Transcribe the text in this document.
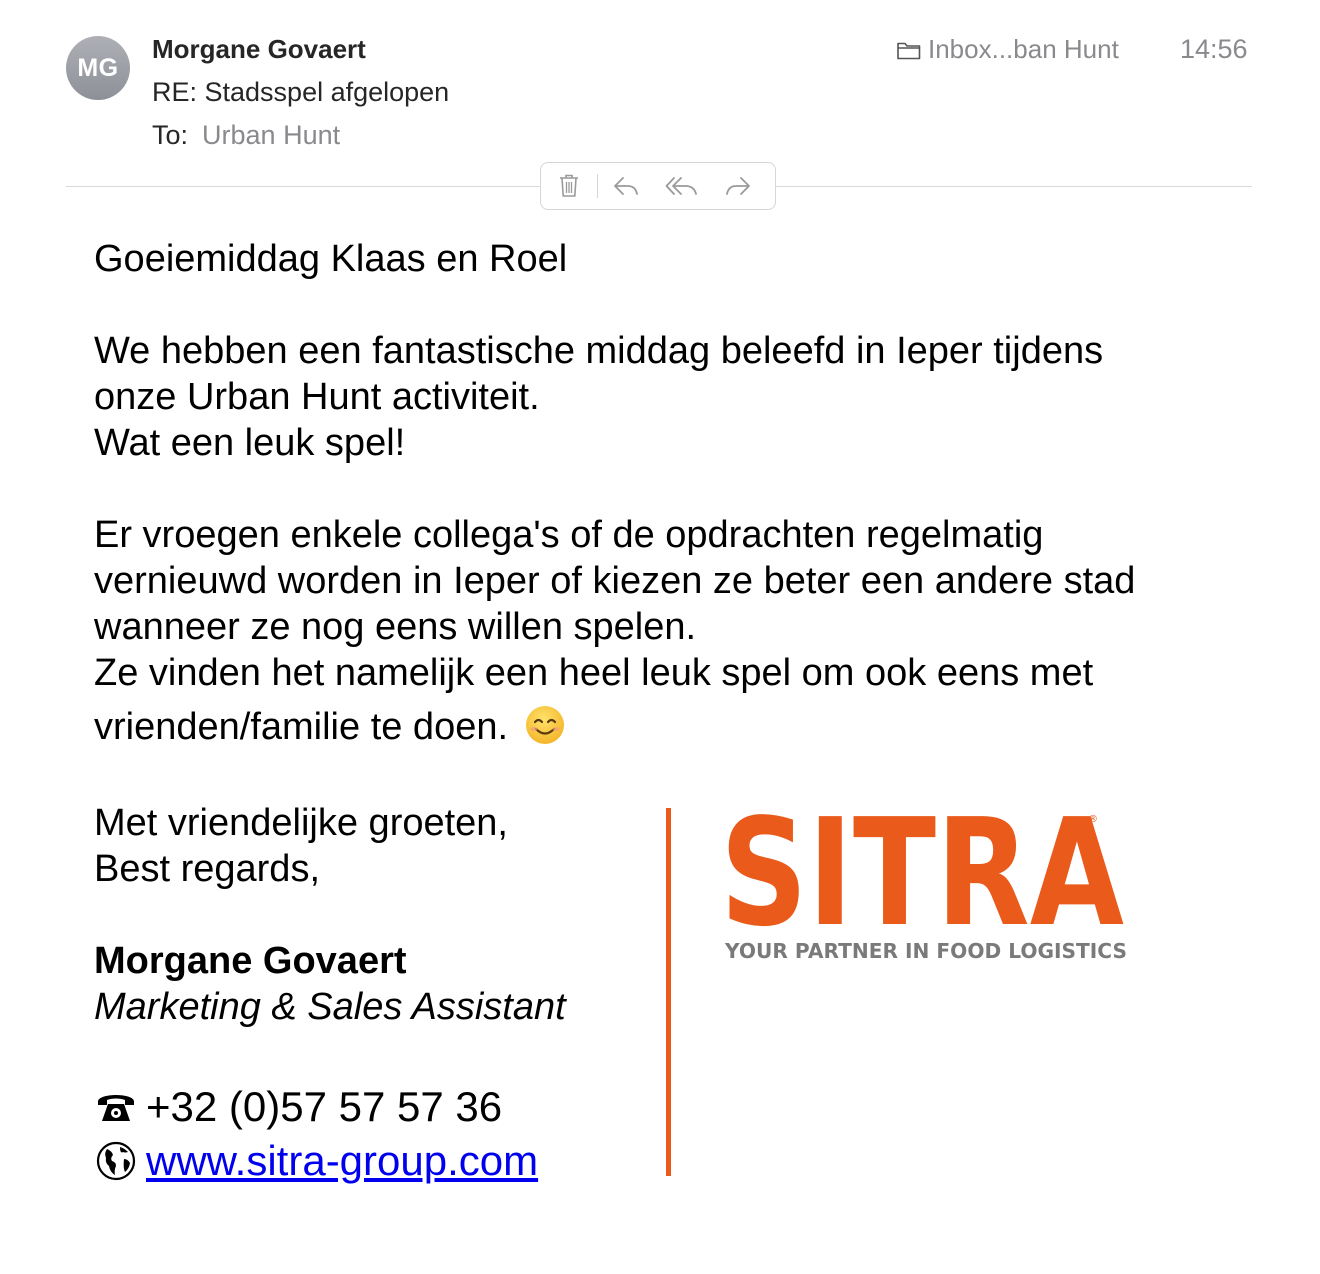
MG
Morgane Govaert
RE: Stadsspel afgelopen
To: Urban Hunt
Inbox...ban Hunt 14:56

Goeiemiddag Klaas en Roel

We hebben een fantastische middag beleefd in Ieper tijdens

onze Urban Hunt activiteit.

Wat een leuk spel!

Er vroegen enkele collega's of de opdrachten regelmatig

vernieuwd worden in Ieper of kiezen ze beter een andere stad

wanneer ze nog eens willen spelen.

Ze vinden het namelijk een heel leuk spel om ook eens met

vrienden/familie te doen.

Met vriendelijke groeten,

Best regards,

Morgane Govaert

Marketing & Sales Assistant

+32 (0)57 57 57 36

www.sitra-group.com

SITRA
YOUR PARTNER IN FOOD LOGISTICS
®
